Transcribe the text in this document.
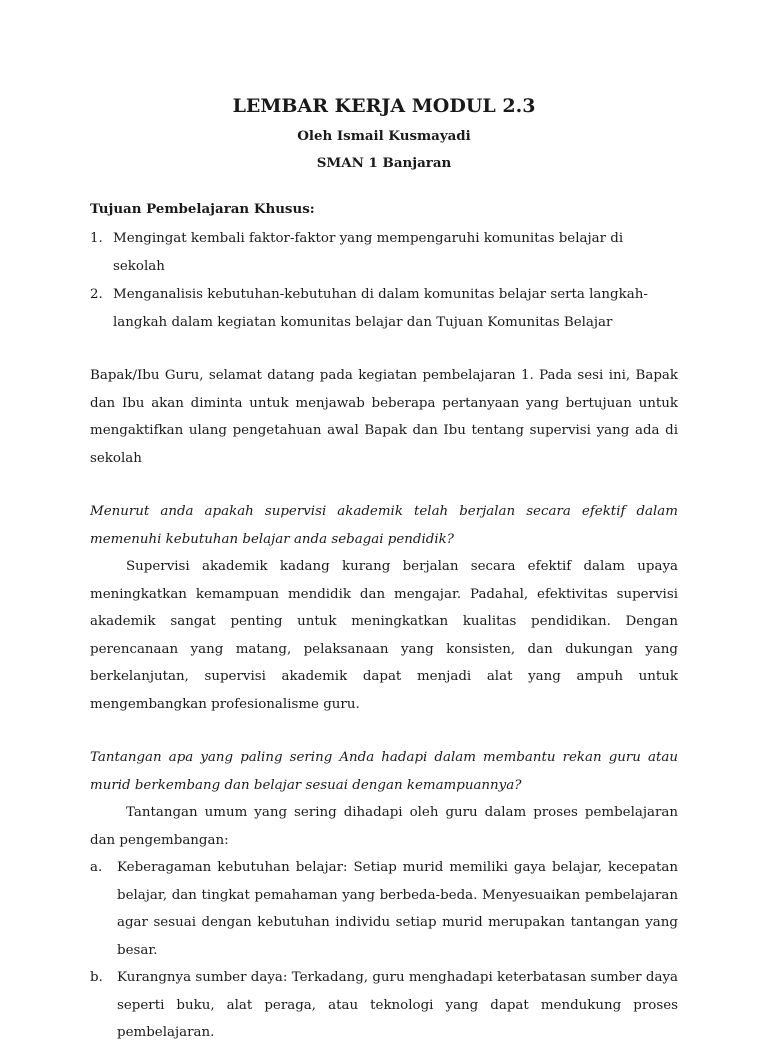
LEMBAR KERJA MODUL 2.3
Oleh Ismail Kusmayadi
SMAN 1 Banjaran
Tujuan Pembelajaran Khusus:
1. Mengingat kembali faktor-faktor yang mempengaruhi komunitas belajar di sekolah
2. Menganalisis kebutuhan-kebutuhan di dalam komunitas belajar serta langkah-langkah dalam kegiatan komunitas belajar dan Tujuan Komunitas Belajar

Bapak/Ibu Guru, selamat datang pada kegiatan pembelajaran 1. Pada sesi ini, Bapak dan Ibu akan diminta untuk menjawab beberapa pertanyaan yang bertujuan untuk mengaktifkan ulang pengetahuan awal Bapak dan Ibu tentang supervisi yang ada di sekolah

Menurut anda apakah supervisi akademik telah berjalan secara efektif dalam memenuhi kebutuhan belajar anda sebagai pendidik?

Supervisi akademik kadang kurang berjalan secara efektif dalam upaya meningkatkan kemampuan mendidik dan mengajar. Padahal, efektivitas supervisi akademik sangat penting untuk meningkatkan kualitas pendidikan. Dengan perencanaan yang matang, pelaksanaan yang konsisten, dan dukungan yang berkelanjutan, supervisi akademik dapat menjadi alat yang ampuh untuk mengembangkan profesionalisme guru.

Tantangan apa yang paling sering Anda hadapi dalam membantu rekan guru atau murid berkembang dan belajar sesuai dengan kemampuannya?

Tantangan umum yang sering dihadapi oleh guru dalam proses pembelajaran dan pengembangan:

a. Keberagaman kebutuhan belajar: Setiap murid memiliki gaya belajar, kecepatan belajar, dan tingkat pemahaman yang berbeda-beda. Menyesuaikan pembelajaran agar sesuai dengan kebutuhan individu setiap murid merupakan tantangan yang besar.
b. Kurangnya sumber daya: Terkadang, guru menghadapi keterbatasan sumber daya seperti buku, alat peraga, atau teknologi yang dapat mendukung proses pembelajaran.
